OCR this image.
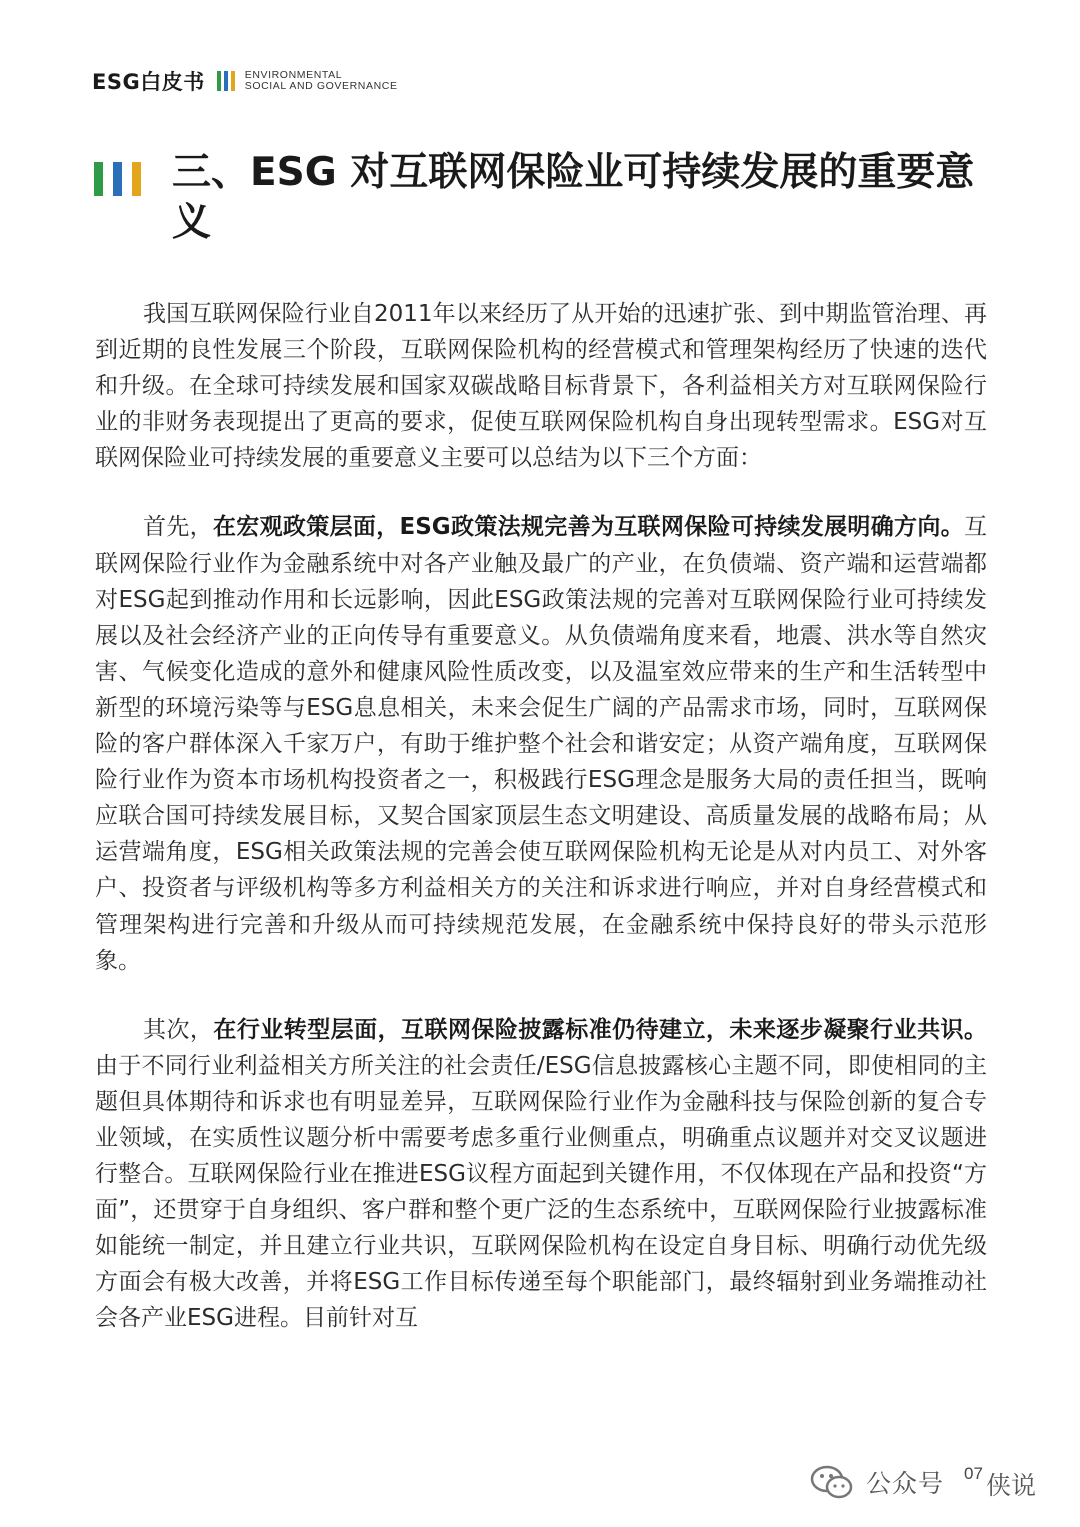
ESG白皮书	ENVIRONMENTAL
SOCIAL AND GOVERNANCE
三、ESG 对互联网保险业可持续发展的重要意义

我国互联网保险行业自2011年以来经历了从开始的迅速扩张、到中期监管治理、再到近期的良性发展三个阶段，互联网保险机构的经营模式和管理架构经历了快速的迭代和升级。在全球可持续发展和国家双碳战略目标背景下，各利益相关方对互联网保险行业的非财务表现提出了更高的要求，促使互联网保险机构自身出现转型需求。ESG对互联网保险业可持续发展的重要意义主要可以总结为以下三个方面：

首先，在宏观政策层面，ESG政策法规完善为互联网保险可持续发展明确方向。互联网保险行业作为金融系统中对各产业触及最广的产业，在负债端、资产端和运营端都对ESG起到推动作用和长远影响，因此ESG政策法规的完善对互联网保险行业可持续发展以及社会经济产业的正向传导有重要意义。从负债端角度来看，地震、洪水等自然灾害、气候变化造成的意外和健康风险性质改变，以及温室效应带来的生产和生活转型中新型的环境污染等与ESG息息相关，未来会促生广阔的产品需求市场，同时，互联网保险的客户群体深入千家万户，有助于维护整个社会和谐安定；从资产端角度，互联网保险行业作为资本市场机构投资者之一，积极践行ESG理念是服务大局的责任担当，既响应联合国可持续发展目标，又契合国家顶层生态文明建设、高质量发展的战略布局；从运营端角度，ESG相关政策法规的完善会使互联网保险机构无论是从对内员工、对外客户、投资者与评级机构等多方利益相关方的关注和诉求进行响应，并对自身经营模式和管理架构进行完善和升级从而可持续规范发展，在金融系统中保持良好的带头示范形象。

其次，在行业转型层面，互联网保险披露标准仍待建立，未来逐步凝聚行业共识。由于不同行业利益相关方所关注的社会责任/ESG信息披露核心主题不同，即使相同的主题但具体期待和诉求也有明显差异，互联网保险行业作为金融科技与保险创新的复合专业领域，在实质性议题分析中需要考虑多重行业侧重点，明确重点议题并对交叉议题进行整合。互联网保险行业在推进ESG议程方面起到关键作用，不仅体现在产品和投资“方面”，还贯穿于自身组织、客户群和整个更广泛的生态系统中，互联网保险行业披露标准如能统一制定，并且建立行业共识，互联网保险机构在设定自身目标、明确行动优先级方面会有极大改善，并将ESG工作目标传递至每个职能部门，最终辐射到业务端推动社会各产业ESG进程。目前针对互

公众号 07 侠说
